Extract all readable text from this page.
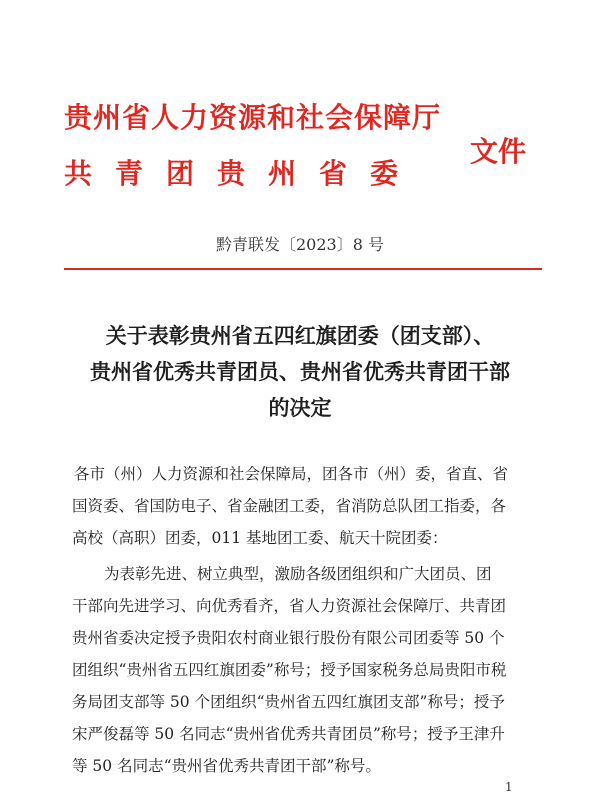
贵州省人力资源和社会保障厅
共青团贵州省委
文件
黔青联发〔2023〕8 号
关于表彰贵州省五四红旗团委（团支部）、
贵州省优秀共青团员、贵州省优秀共青团干部
的决定
各市（州）人力资源和社会保障局，团各市（州）委，省直、省
国资委、省国防电子、省金融团工委，省消防总队团工指委，各
高校（高职）团委，011 基地团工委、航天十院团委：
为表彰先进、树立典型，激励各级团组织和广大团员、团
干部向先进学习、向优秀看齐，省人力资源社会保障厅、共青团
贵州省委决定授予贵阳农村商业银行股份有限公司团委等 50 个
团组织“贵州省五四红旗团委”称号；授予国家税务总局贵阳市税
务局团支部等 50 个团组织“贵州省五四红旗团支部”称号；授予
宋严俊磊等 50 名同志“贵州省优秀共青团员”称号；授予王津升
等 50 名同志“贵州省优秀共青团干部”称号。
1
